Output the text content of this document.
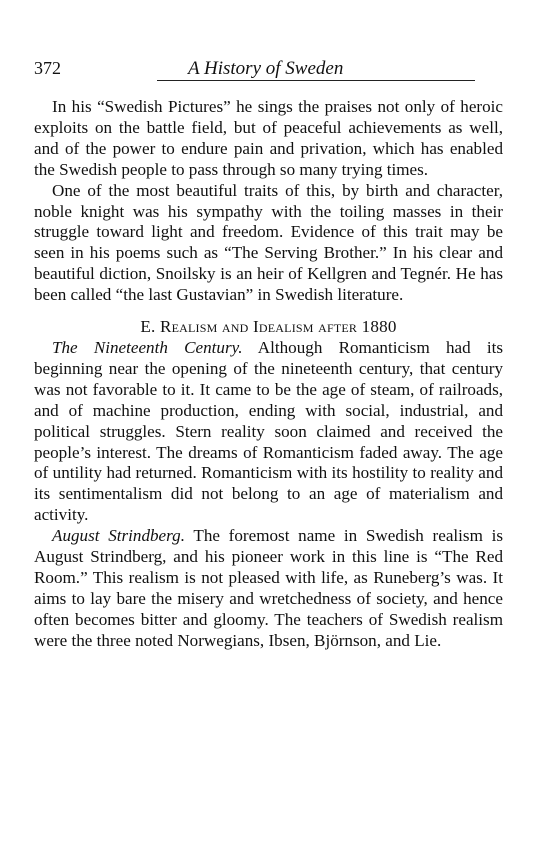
372	A History of Sweden

In his “Swedish Pictures” he sings the praises not only of heroic exploits on the battle field, but of peaceful achievements as well, and of the power to endure pain and privation, which has enabled the Swedish people to pass through so many trying times.

One of the most beautiful traits of this, by birth and character, noble knight was his sympathy with the toiling masses in their struggle toward light and freedom. Evidence of this trait may be seen in his poems such as “The Serving Brother.” In his clear and beautiful diction, Snoilsky is an heir of Kellgren and Tegnér. He has been called “the last Gustavian” in Swedish literature.

E. Realism and Idealism after 1880

The Nineteenth Century. Although Romanticism had its beginning near the opening of the nineteenth century, that century was not favorable to it. It came to be the age of steam, of railroads, and of machine production, ending with social, industrial, and political struggles. Stern reality soon claimed and received the people’s interest. The dreams of Romanticism faded away. The age of untility had returned. Romanticism with its hostility to reality and its sentimentalism did not belong to an age of materialism and activity.

August Strindberg. The foremost name in Swedish realism is August Strindberg, and his pioneer work in this line is “The Red Room.” This realism is not pleased with life, as Runeberg’s was. It aims to lay bare the misery and wretchedness of society, and hence often becomes bitter and gloomy. The teachers of Swedish realism were the three noted Norwegians, Ibsen, Björnson, and Lie.
